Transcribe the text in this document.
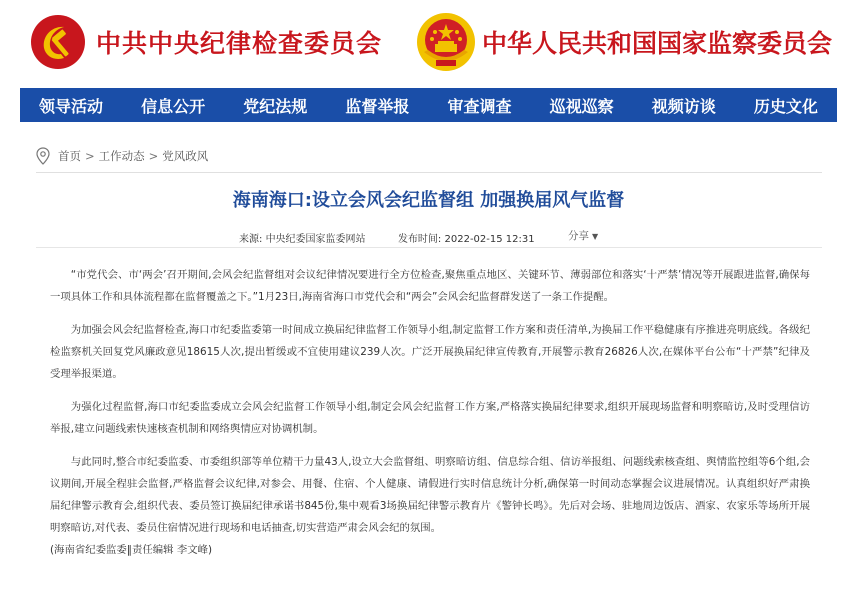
中共中央纪律检查委员会	中华人民共和国国家监察委员会
领导活动	信息公开	党纪法规	监督举报	审查调查	巡视巡察	视频访谈	历史文化
首页 > 工作动态 > 党风政风
海南海口:设立会风会纪监督组 加强换届风气监督
来源: 中央纪委国家监委网站	发布时间: 2022-02-15 12:31	分享 ▼

“市党代会、市‘两会’召开期间,会风会纪监督组对会议纪律情况要进行全方位检查,聚焦重点地区、关键环节、薄弱部位和落实‘十严禁’情况等开展跟进监督,确保每一项具体工作和具体流程都在监督覆盖之下。”1月23日,海南省海口市党代会和“两会”会风会纪监督群发送了一条工作提醒。

为加强会风会纪监督检查,海口市纪委监委第一时间成立换届纪律监督工作领导小组,制定监督工作方案和责任清单,为换届工作平稳健康有序推进亮明底线。各级纪检监察机关回复党风廉政意见18615人次,提出暂缓或不宜使用建议239人次。广泛开展换届纪律宣传教育,开展警示教育26826人次,在媒体平台公布“十严禁”纪律及受理举报渠道。

为强化过程监督,海口市纪委监委成立会风会纪监督工作领导小组,制定会风会纪监督工作方案,严格落实换届纪律要求,组织开展现场监督和明察暗访,及时受理信访举报,建立问题线索快速核查机制和网络舆情应对协调机制。

与此同时,整合市纪委监委、市委组织部等单位精干力量43人,设立大会监督组、明察暗访组、信息综合组、信访举报组、问题线索核查组、舆情监控组等6个组,会议期间,开展全程驻会监督,严格监督会议纪律,对参会、用餐、住宿、个人健康、请假进行实时信息统计分析,确保第一时间动态掌握会议进展情况。认真组织好严肃换届纪律警示教育会,组织代表、委员签订换届纪律承诺书845份,集中观看3场换届纪律警示教育片《警钟长鸣》。先后对会场、驻地周边饭店、酒家、农家乐等场所开展明察暗访,对代表、委员住宿情况进行现场和电话抽查,切实营造严肃会风会纪的氛围。

(海南省纪委监委‖责任编辑 李文峰)
